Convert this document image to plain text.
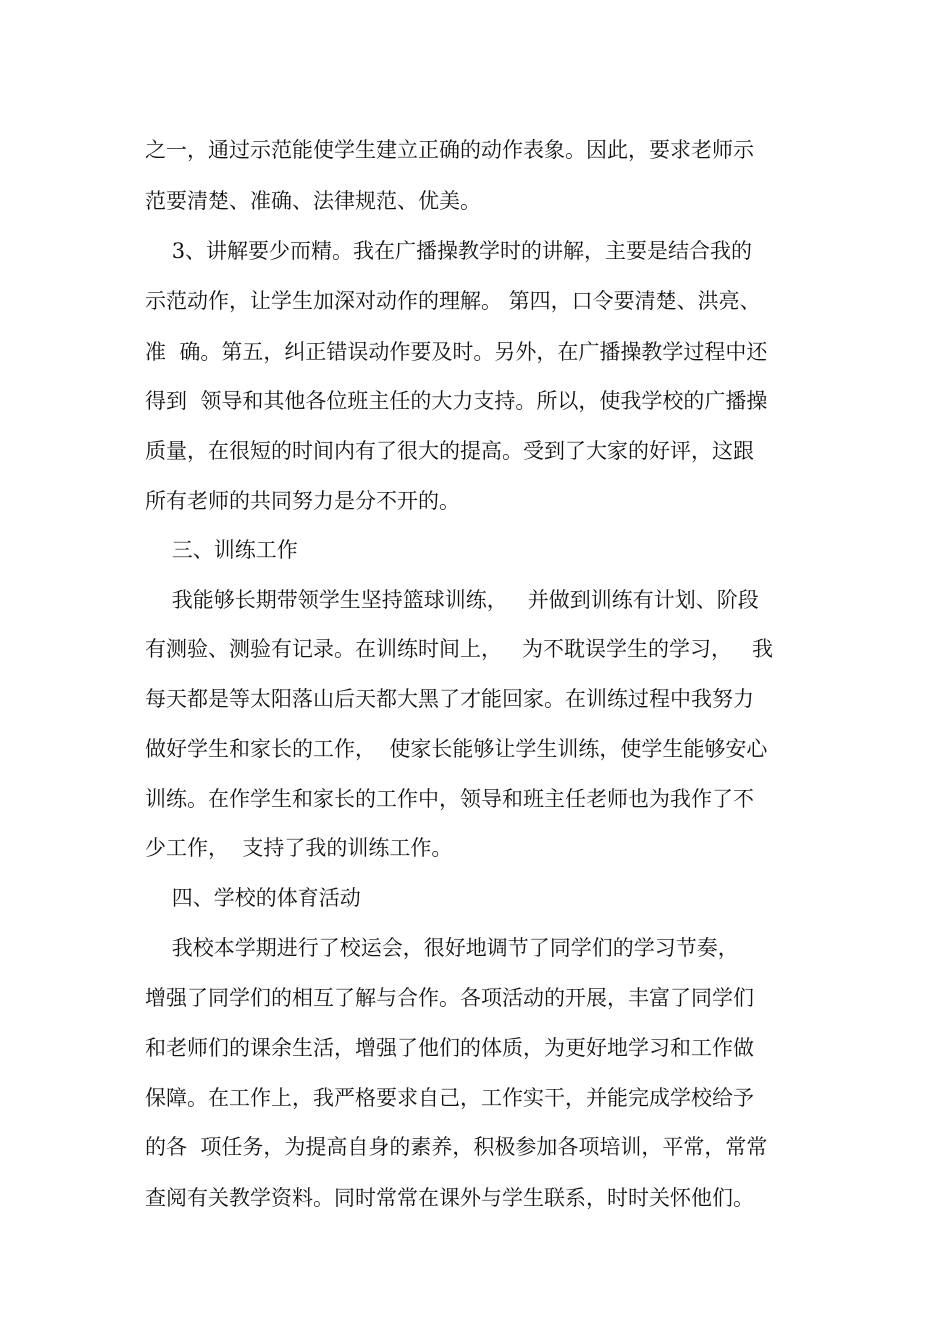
之一，通过示范能使学生建立正确的动作表象。因此，要求老师示

范要清楚、准确、法律规范、优美。

3、讲解要少而精。我在广播操教学时的讲解，主要是结合我的

示范动作，让学生加深对动作的理解。 第四，口令要清楚、洪亮、

准  确。第五，纠正错误动作要及时。另外，在广播操教学过程中还

得到  领导和其他各位班主任的大力支持。所以，使我学校的广播操

质量，在很短的时间内有了很大的提高。受到了大家的好评，这跟

所有老师的共同努力是分不开的。

三、训练工作

我能够长期带领学生坚持篮球训练，   并做到训练有计划、阶段

有测验、测验有记录。在训练时间上，   为不耽误学生的学习，   我

每天都是等太阳落山后天都大黑了才能回家。在训练过程中我努力

做好学生和家长的工作，  使家长能够让学生训练，使学生能够安心

训练。在作学生和家长的工作中，领导和班主任老师也为我作了不

少工作，  支持了我的训练工作。

四、学校的体育活动

我校本学期进行了校运会，很好地调节了同学们的学习节奏，

增强了同学们的相互了解与合作。各项活动的开展，丰富了同学们

和老师们的课余生活，增强了他们的体质，为更好地学习和工作做

保障。在工作上，我严格要求自己，工作实干，并能完成学校给予

的各  项任务，为提高自身的素养，积极参加各项培训，平常，常常

查阅有关教学资料。同时常常在课外与学生联系，时时关怀他们。
